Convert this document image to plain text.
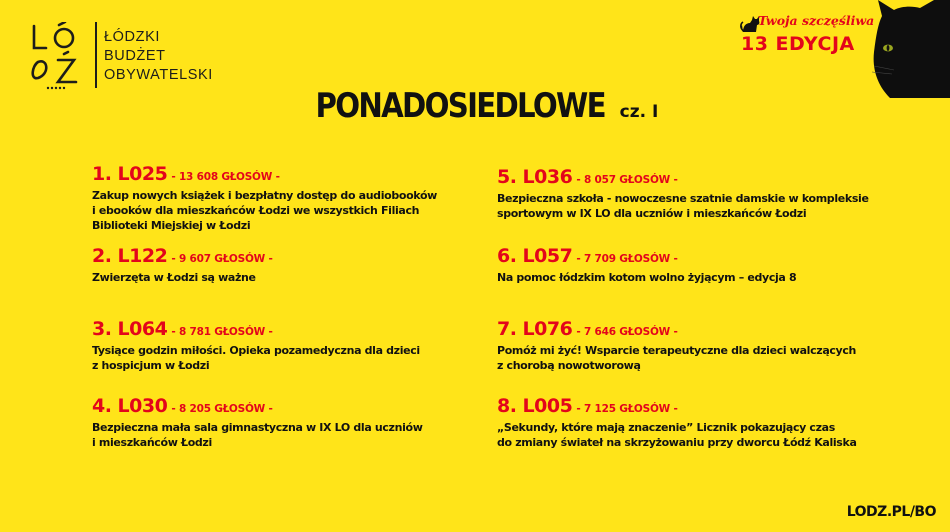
ŁÓDZKI
BUDŻET
OBYWATELSKI
Twoja szczęśliwa
13 EDYCJA
PONADOSIEDLOWE cz. I
1. L025 - 13 608 GŁOSÓW -
Zakup nowych książek i bezpłatny dostęp do audiobooków
i ebooków dla mieszkańców Łodzi we wszystkich Filiach
Biblioteki Miejskiej w Łodzi
2. L122 - 9 607 GŁOSÓW -
Zwierzęta w Łodzi są ważne
3. L064 - 8 781 GŁOSÓW -
Tysiące godzin miłości. Opieka pozamedyczna dla dzieci
z hospicjum w Łodzi
4. L030 - 8 205 GŁOSÓW -
Bezpieczna mała sala gimnastyczna w IX LO dla uczniów
i mieszkańców Łodzi
5. L036 - 8 057 GŁOSÓW -
Bezpieczna szkoła - nowoczesne szatnie damskie w kompleksie
sportowym w IX LO dla uczniów i mieszkańców Łodzi
6. L057 - 7 709 GŁOSÓW -
Na pomoc łódzkim kotom wolno żyjącym – edycja 8
7. L076 - 7 646 GŁOSÓW -
Pomóż mi żyć! Wsparcie terapeutyczne dla dzieci walczących
z chorobą nowotworową
8. L005 - 7 125 GŁOSÓW -
„Sekundy, które mają znaczenie” Licznik pokazujący czas
do zmiany świateł na skrzyżowaniu przy dworcu Łódź Kaliska
LODZ.PL/BO
